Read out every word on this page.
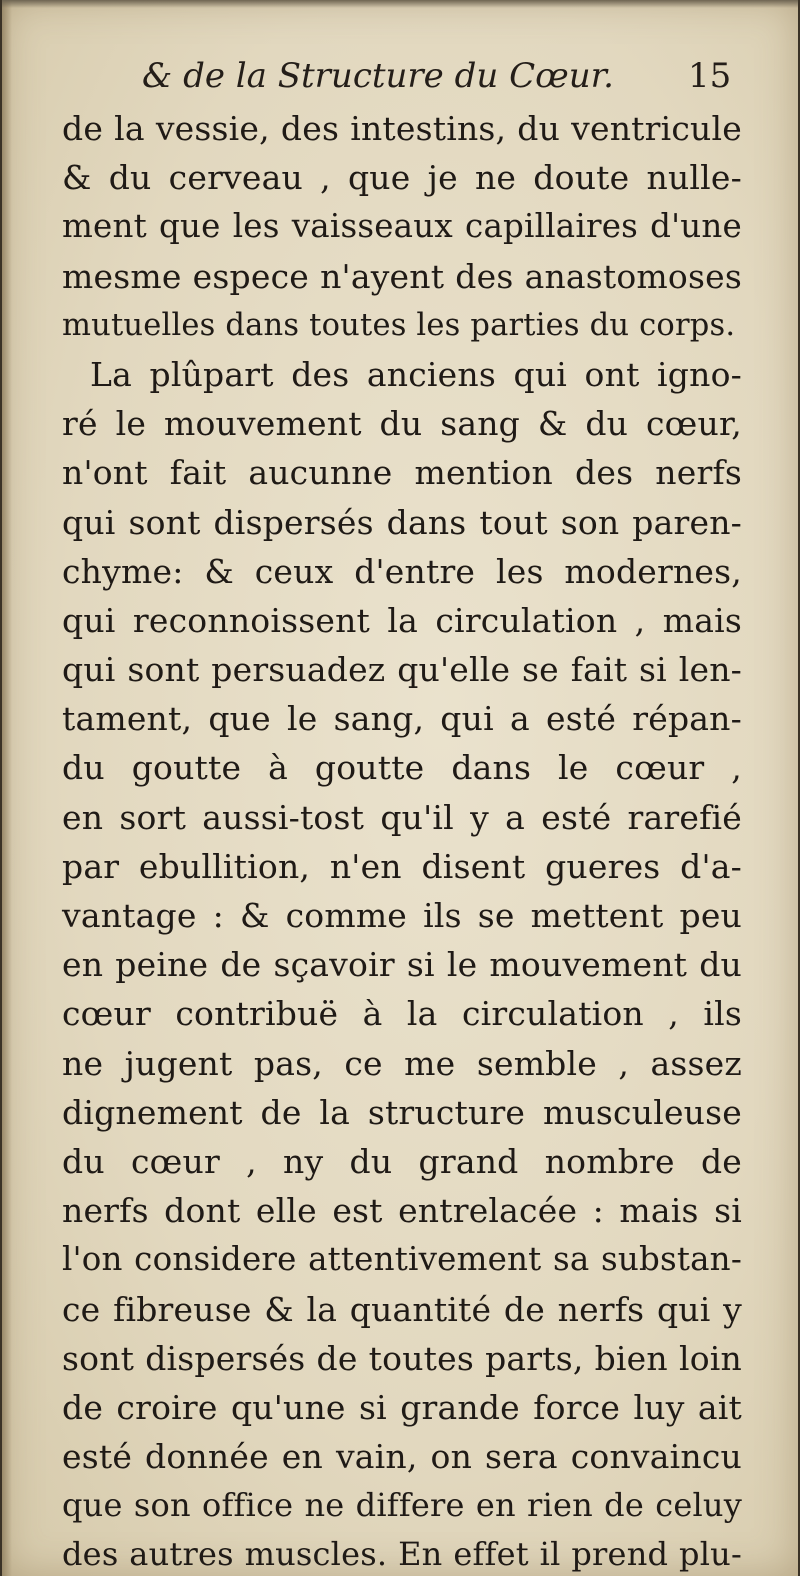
& de la Structure du Cœur. 15
de la vessie, des intestins, du ventricule
& du cerveau , que je ne doute nulle-
ment que les vaisseaux capillaires d'une
mesme espece n'ayent des anastomoses
mutuelles dans toutes les parties du corps.
La plûpart des anciens qui ont igno-
ré le mouvement du sang & du cœur,
n'ont fait aucunne mention des nerfs
qui sont dispersés dans tout son paren-
chyme: & ceux d'entre les modernes,
qui reconnoissent la circulation , mais
qui sont persuadez qu'elle se fait si len-
tament, que le sang, qui a esté répan-
du goutte à goutte dans le cœur ,
en sort aussi-tost qu'il y a esté rarefié
par ebullition, n'en disent gueres d'a-
vantage : & comme ils se mettent peu
en peine de sçavoir si le mouvement du
cœur contribuë à la circulation , ils
ne jugent pas, ce me semble , assez
dignement de la structure musculeuse
du cœur , ny du grand nombre de
nerfs dont elle est entrelacée : mais si
l'on considere attentivement sa substan-
ce fibreuse & la quantité de nerfs qui y
sont dispersés de toutes parts, bien loin
de croire qu'une si grande force luy ait
esté donnée en vain, on sera convaincu
que son office ne differe en rien de celuy
des autres muscles. En effet il prend plu-
